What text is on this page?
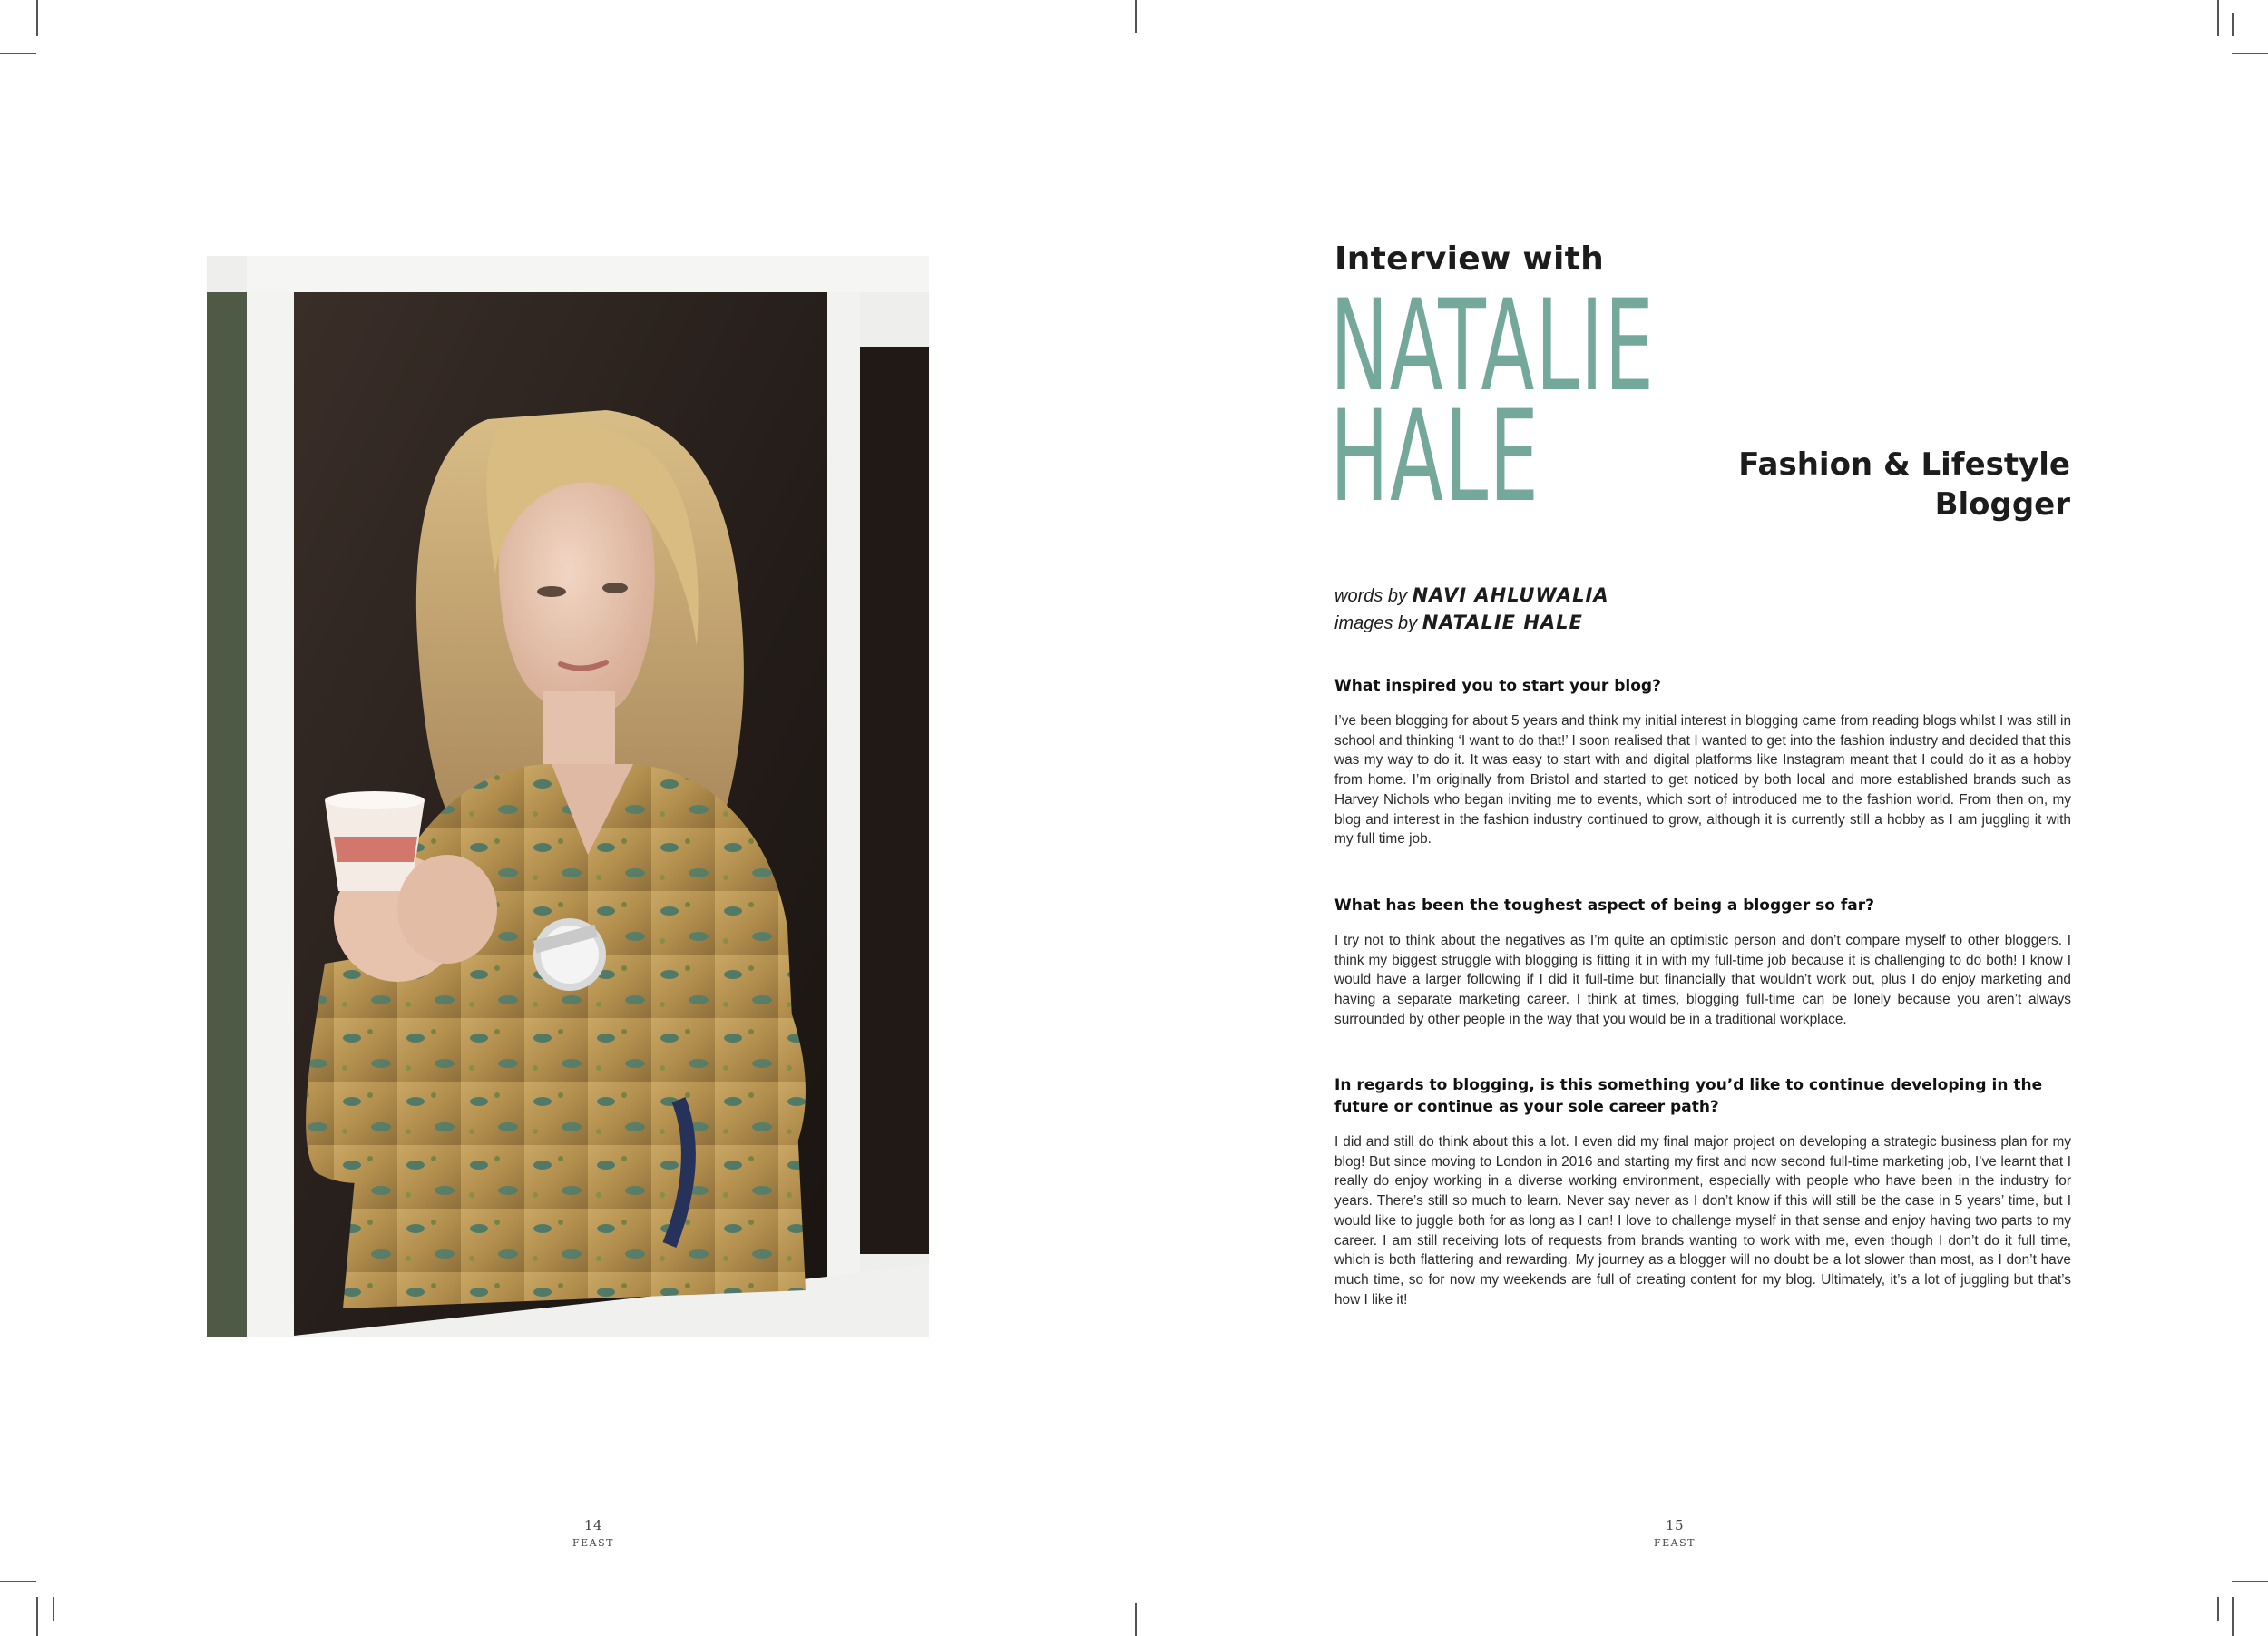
14
FEAST
Interview with
NATALIE
HALE	Fashion & Lifestyle
Blogger
words by NAVI AHLUWALIA
images by NATALIE HALE

What inspired you to start your blog?

I’ve been blogging for about 5 years and think my initial interest in blogging came from reading blogs whilst I was still in school and thinking ‘I want to do that!’ I soon realised that I wanted to get into the fashion industry and decided that this was my way to do it. It was easy to start with and digital platforms like Instagram meant that I could do it as a hobby from home. I’m originally from Bristol and started to get noticed by both local and more established brands such as Harvey Nichols who began inviting me to events, which sort of introduced me to the fashion world. From then on, my blog and interest in the fashion industry continued to grow, although it is currently still a hobby as I am juggling it with my full time job.

What has been the toughest aspect of being a blogger so far?

I try not to think about the negatives as I’m quite an optimistic person and don’t compare myself to other bloggers. I think my biggest struggle with blogging is fitting it in with my full-time job because it is challenging to do both! I know I would have a larger following if I did it full-time but financially that wouldn’t work out, plus I do enjoy marketing and having a separate marketing career. I think at times, blogging full-time can be lonely because you aren’t always surrounded by other people in the way that you would be in a traditional workplace.

In regards to blogging, is this something you’d like to continue developing in the future or continue as your sole career path?

I did and still do think about this a lot. I even did my final major project on developing a strategic business plan for my blog! But since moving to London in 2016 and starting my first and now second full-time marketing job, I’ve learnt that I really do enjoy working in a diverse working environment, especially with people who have been in the industry for years. There’s still so much to learn. Never say never as I don’t know if this will still be the case in 5 years’ time, but I would like to juggle both for as long as I can! I love to challenge myself in that sense and enjoy having two parts to my career. I am still receiving lots of requests from brands wanting to work with me, even though I don’t do it full time, which is both flattering and rewarding. My journey as a blogger will no doubt be a lot slower than most, as I don’t have much time, so for now my weekends are full of creating content for my blog. Ultimately, it’s a lot of juggling but that’s how I like it!

15
FEAST
